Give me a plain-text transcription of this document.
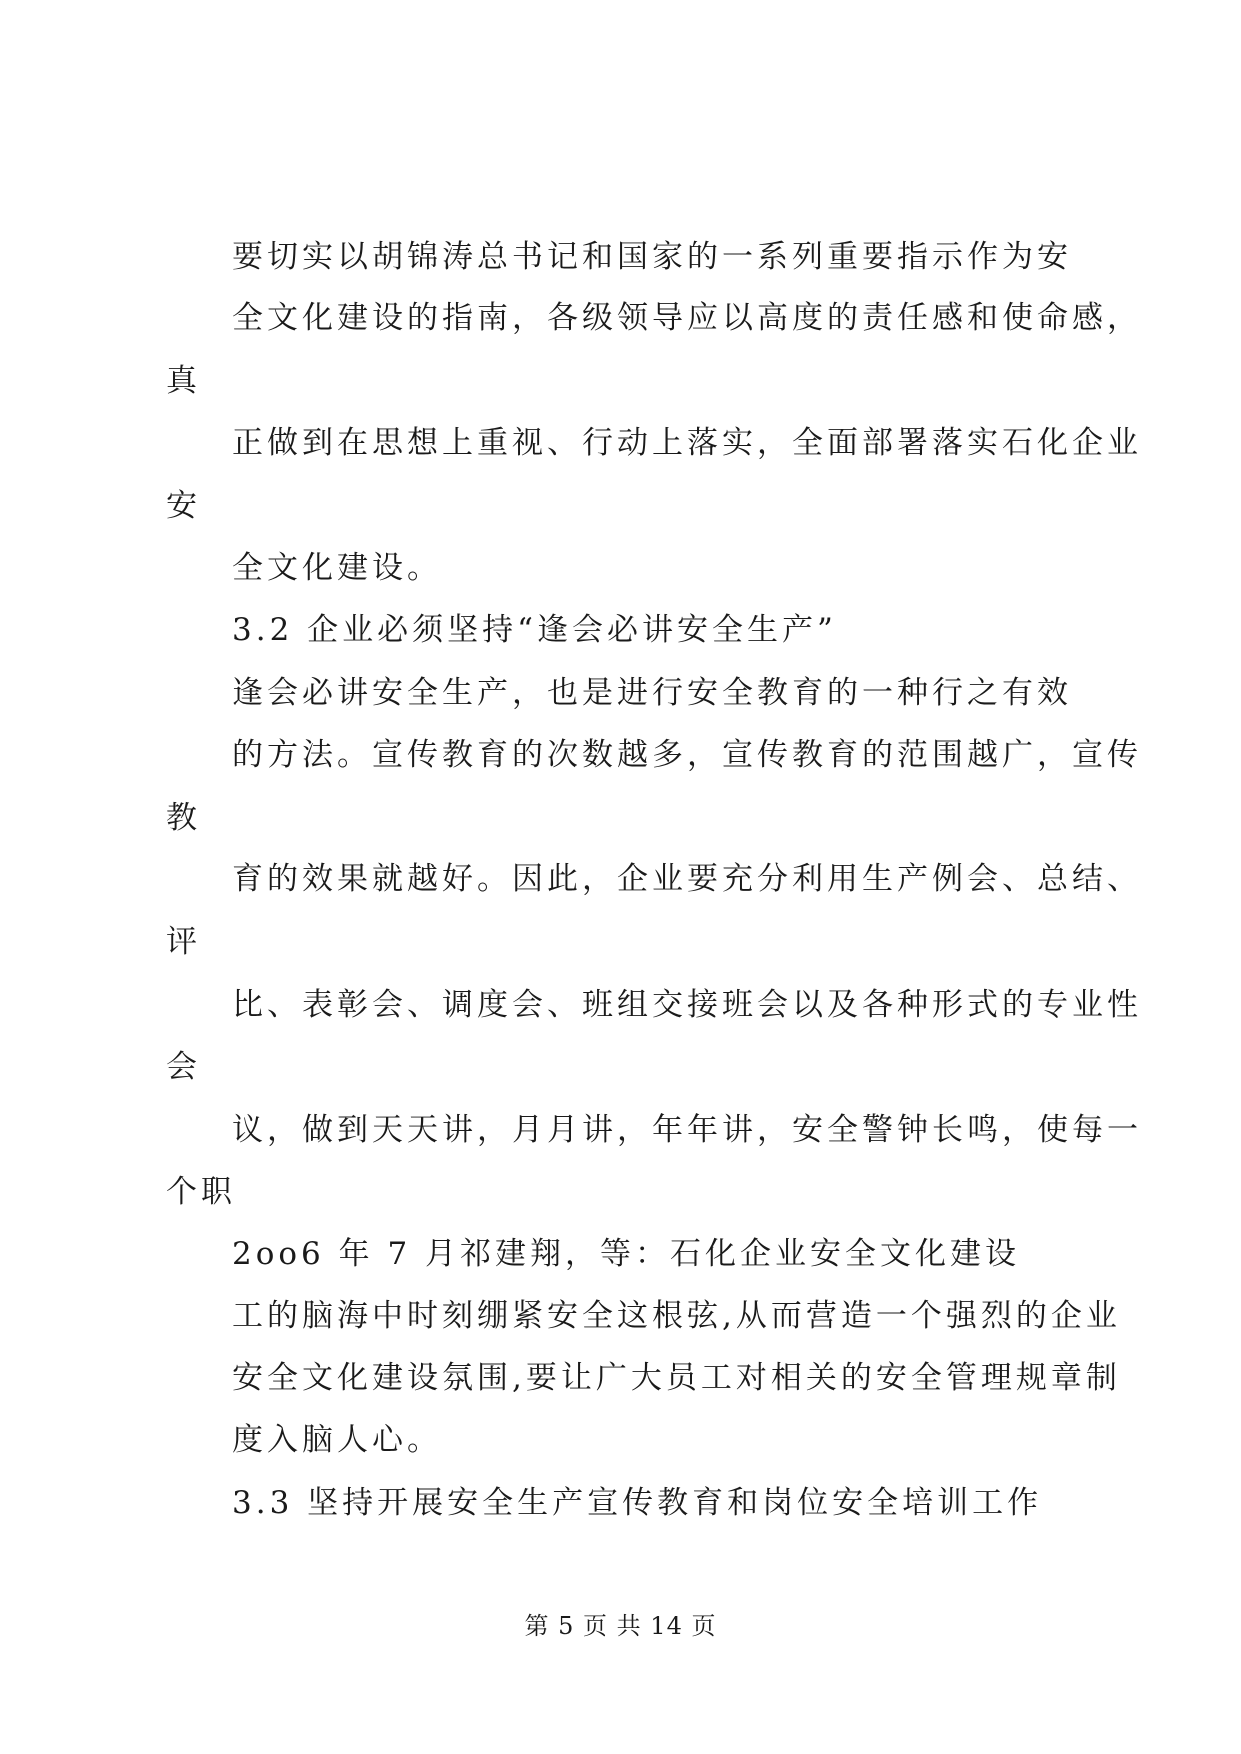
要切实以胡锦涛总书记和国家的一系列重要指示作为安
全文化建设的指南，各级领导应以高度的责任感和使命感，
真
正做到在思想上重视、行动上落实，全面部署落实石化企业
安
全文化建设。
3.2 企业必须坚持“逢会必讲安全生产”
逢会必讲安全生产，也是进行安全教育的一种行之有效
的方法。宣传教育的次数越多，宣传教育的范围越广，宣传
教
育的效果就越好。因此，企业要充分利用生产例会、总结、
评
比、表彰会、调度会、班组交接班会以及各种形式的专业性
会
议，做到天天讲，月月讲，年年讲，安全警钟长鸣，使每一
个职
2oo6 年 7 月祁建翔，等：石化企业安全文化建设
工的脑海中时刻绷紧安全这根弦,从而营造一个强烈的企业
安全文化建设氛围,要让广大员工对相关的安全管理规章制
度入脑人心。
3.3 坚持开展安全生产宣传教育和岗位安全培训工作
第 5 页 共 14 页
